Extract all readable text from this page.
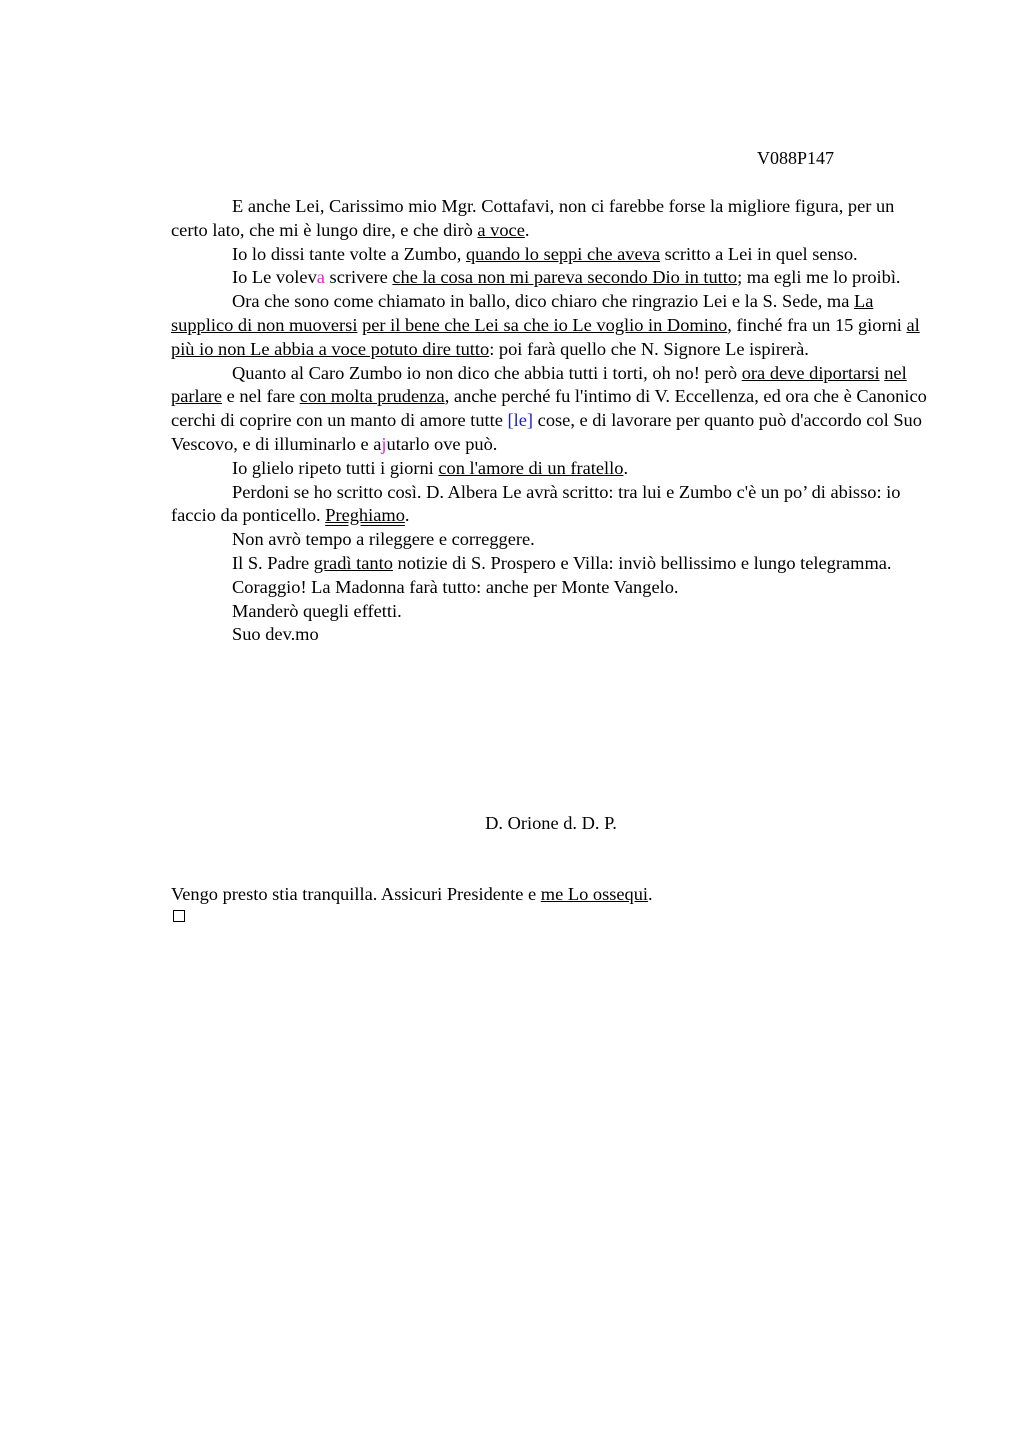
V088P147

E anche Lei, Carissimo mio Mgr. Cottafavi, non ci farebbe forse la migliore figura, per un certo lato, che mi è lungo dire, e che dirò a voce.

Io lo dissi tante volte a Zumbo, quando lo seppi che aveva scritto a Lei in quel senso.

Io Le voleva scrivere che la cosa non mi pareva secondo Dio in tutto; ma egli me lo proibì.

Ora che sono come chiamato in ballo, dico chiaro che ringrazio Lei e la S. Sede, ma La supplico di non muoversi per il bene che Lei sa che io Le voglio in Domino, finché fra un 15 giorni al più io non Le abbia a voce potuto dire tutto: poi farà quello che N. Signore Le ispirerà.

Quanto al Caro Zumbo io non dico che abbia tutti i torti, oh no! però ora deve diportarsi nel parlare e nel fare con molta prudenza, anche perché fu l'intimo di V. Eccellenza, ed ora che è Canonico cerchi di coprire con un manto di amore tutte [le] cose, e di lavorare per quanto può d'accordo col Suo Vescovo, e di illuminarlo e ajutarlo ove può.

Io glielo ripeto tutti i giorni con l'amore di un fratello.

Perdoni se ho scritto così. D. Albera Le avrà scritto: tra lui e Zumbo c'è un po’ di abisso: io faccio da ponticello. Preghiamo.

Non avrò tempo a rileggere e correggere.

Il S. Padre gradì tanto notizie di S. Prospero e Villa: inviò bellissimo e lungo telegramma.

Coraggio! La Madonna farà tutto: anche per Monte Vangelo.

Manderò quegli effetti.

Suo dev.mo

D. Orione d. D. P.
Vengo presto stia tranquilla. Assicuri Presidente e me Lo ossequi.
